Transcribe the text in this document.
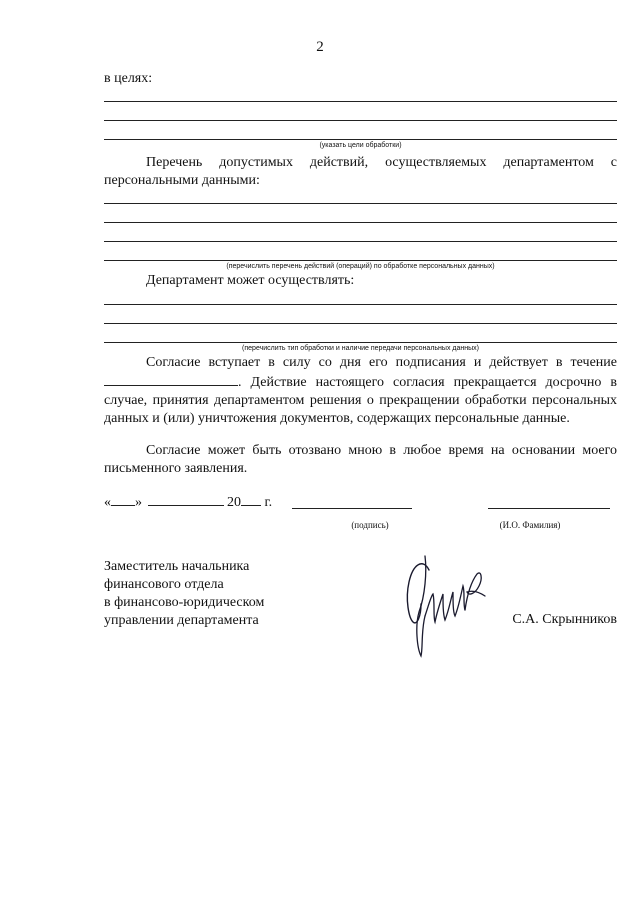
2
в целях:
(указать цели обработки)
Перечень допустимых действий, осуществляемых департаментом с персональными данными:
(перечислить перечень действий (операций) по обработке персональных данных)
Департамент может осуществлять:
(перечислить тип обработки и наличие передачи персональных данных)
Согласие вступает в силу со дня его подписания и действует в течение . Действие настоящего согласия прекращается досрочно в случае, принятия департаментом решения о прекращении обработки персональных данных и (или) уничтожения документов, содержащих персональные данные.
Согласие может быть отозвано мною в любое время на основании моего письменного заявления.
« »	20 г.
(подпись)	(И.О. Фамилия)
Заместитель начальника
финансового отдела
в финансово-юридическом
управлении департамента	С.А. Скрынников
